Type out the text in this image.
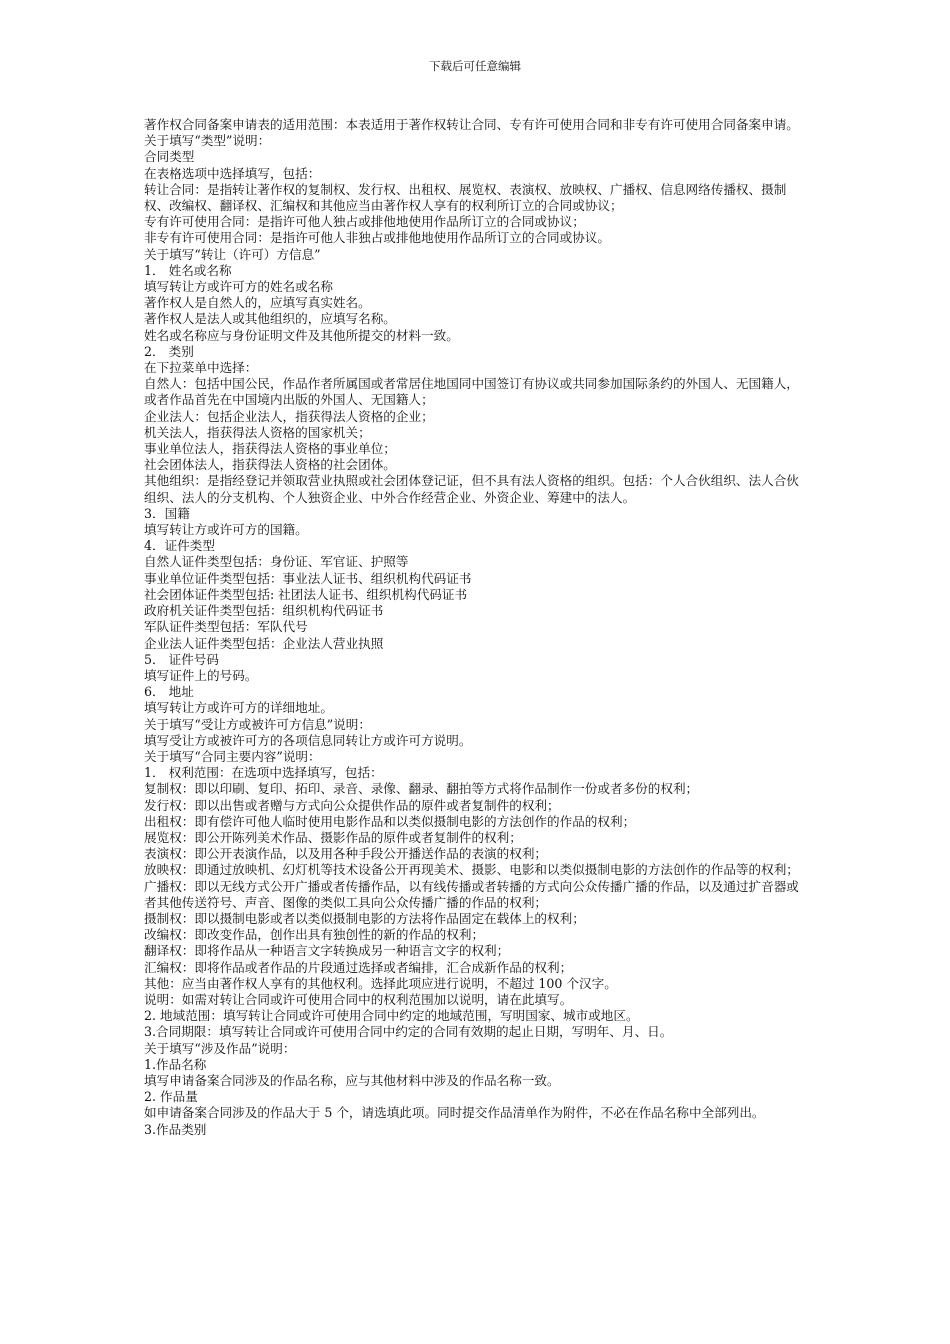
下载后可任意编辑

著作权合同备案申请表的适用范围：本表适用于著作权转让合同、专有许可使用合同和非专有许可使用合同备案申请。

关于填写“类型”说明：

合同类型

在表格选项中选择填写，包括：

转让合同：是指转让著作权的复制权、发行权、出租权、展览权、表演权、放映权、广播权、信息网络传播权、摄制权、改编权、翻译权、汇编权和其他应当由著作权人享有的权利所订立的合同或协议；

专有许可使用合同：是指许可他人独占或排他地使用作品所订立的合同或协议；

非专有许可使用合同：是指许可他人非独占或排他地使用作品所订立的合同或协议。

关于填写“转让（许可）方信息”

1． 姓名或名称

填写转让方或许可方的姓名或名称

著作权人是自然人的，应填写真实姓名。

著作权人是法人或其他组织的，应填写名称。

姓名或名称应与身份证明文件及其他所提交的材料一致。

2． 类别

在下拉菜单中选择：

自然人：包括中国公民，作品作者所属国或者常居住地国同中国签订有协议或共同参加国际条约的外国人、无国籍人，或者作品首先在中国境内出版的外国人、无国籍人；

企业法人：包括企业法人，指获得法人资格的企业；

机关法人，指获得法人资格的国家机关；

事业单位法人，指获得法人资格的事业单位；

社会团体法人，指获得法人资格的社会团体。

其他组织：是指经登记并领取营业执照或社会团体登记证，但不具有法人资格的组织。包括：个人合伙组织、法人合伙组织、法人的分支机构、个人独资企业、中外合作经营企业、外资企业、筹建中的法人。

3．国籍

填写转让方或许可方的国籍。

4．证件类型

自然人证件类型包括：身份证、军官证、护照等

事业单位证件类型包括：事业法人证书、组织机构代码证书

社会团体证件类型包括: 社团法人证书、组织机构代码证书

政府机关证件类型包括：组织机构代码证书

军队证件类型包括：军队代号

企业法人证件类型包括：企业法人营业执照

5． 证件号码

填写证件上的号码。

6． 地址

填写转让方或许可方的详细地址。

关于填写“受让方或被许可方信息”说明：

填写受让方或被许可方的各项信息同转让方或许可方说明。

关于填写“合同主要内容”说明：

1． 权利范围：在选项中选择填写，包括：

复制权：即以印刷、复印、拓印、录音、录像、翻录、翻拍等方式将作品制作一份或者多份的权利；

发行权：即以出售或者赠与方式向公众提供作品的原件或者复制件的权利；

出租权：即有偿许可他人临时使用电影作品和以类似摄制电影的方法创作的作品的权利；

展览权：即公开陈列美术作品、摄影作品的原件或者复制件的权利；

表演权：即公开表演作品，以及用各种手段公开播送作品的表演的权利；

放映权：即通过放映机、幻灯机等技术设备公开再现美术、摄影、电影和以类似摄制电影的方法创作的作品等的权利；

广播权：即以无线方式公开广播或者传播作品，以有线传播或者转播的方式向公众传播广播的作品，以及通过扩音器或者其他传送符号、声音、图像的类似工具向公众传播广播的作品的权利；

摄制权：即以摄制电影或者以类似摄制电影的方法将作品固定在载体上的权利；

改编权：即改变作品，创作出具有独创性的新的作品的权利；

翻译权：即将作品从一种语言文字转换成另一种语言文字的权利；

汇编权：即将作品或者作品的片段通过选择或者编排，汇合成新作品的权利；

其他：应当由著作权人享有的其他权利。选择此项应进行说明，不超过 100 个汉字。

说明：如需对转让合同或许可使用合同中的权利范围加以说明，请在此填写。

2. 地域范围：填写转让合同或许可使用合同中约定的地域范围，写明国家、城市或地区。

3.合同期限：填写转让合同或许可使用合同中约定的合同有效期的起止日期，写明年、月、日。

关于填写“涉及作品”说明：

1.作品名称

填写申请备案合同涉及的作品名称，应与其他材料中涉及的作品名称一致。

2. 作品量

如申请备案合同涉及的作品大于 5 个，请选填此项。同时提交作品清单作为附件，不必在作品名称中全部列出。

3.作品类别
